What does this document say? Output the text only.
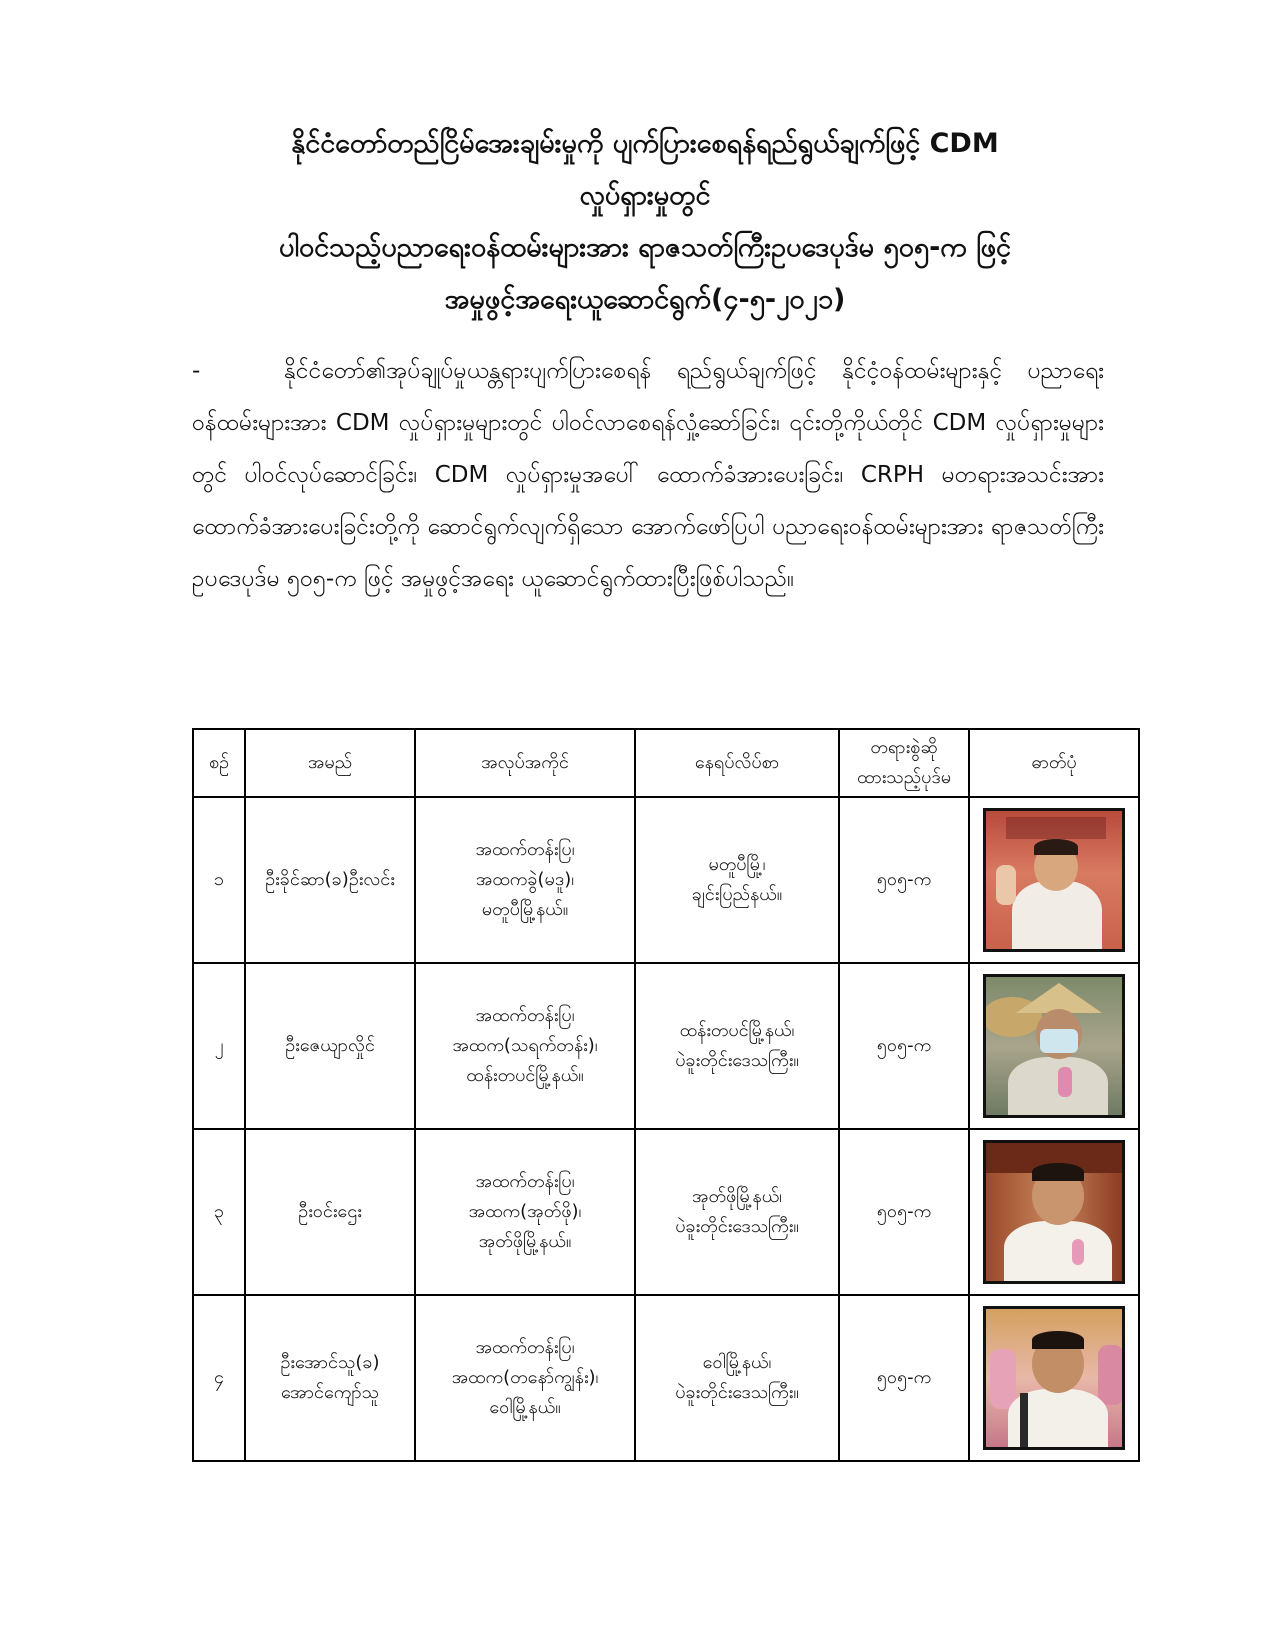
နိုင်ငံတော်တည်ငြိမ်အေးချမ်းမှုကို ပျက်ပြားစေရန်ရည်ရွယ်ချက်ဖြင့် CDM

လှုပ်ရှားမှုတွင်

ပါဝင်သည့်ပညာရေးဝန်ထမ်းများအား ရာဇသတ်ကြီးဥပဒေပုဒ်မ ၅၀၅-က ဖြင့်

အမှုဖွင့်အရေးယူဆောင်ရွက်(၄-၅-၂၀၂၁)

-	နိုင်ငံတော်၏အုပ်ချုပ်မှုယန္တရားပျက်ပြားစေရန် ရည်ရွယ်ချက်ဖြင့် နိုင်ငံ့ဝန်ထမ်းများနှင့် ပညာရေးဝန်ထမ်းများအား CDM လှုပ်ရှားမှုများတွင် ပါဝင်လာစေရန်လှုံ့ဆော်ခြင်း၊ ၎င်းတို့ကိုယ်တိုင် CDM လှုပ်ရှားမှုများတွင် ပါဝင်လုပ်ဆောင်ခြင်း၊ CDM လှုပ်ရှားမှုအပေါ် ထောက်ခံအားပေးခြင်း၊ CRPH မတရားအသင်းအား ထောက်ခံအားပေးခြင်းတို့ကို ဆောင်ရွက်လျက်ရှိသော အောက်ဖော်ပြပါ ပညာရေးဝန်ထမ်းများအား ရာဇသတ်ကြီး ဥပဒေပုဒ်မ ၅၀၅-က ဖြင့် အမှုဖွင့်အရေး ယူဆောင်ရွက်ထားပြီးဖြစ်ပါသည်။

စဉ်	အမည်	အလုပ်အကိုင်	နေရပ်လိပ်စာ	တရားစွဲဆို
ထားသည့်ပုဒ်မ	ဓာတ်ပုံ
၁	ဦးခိုင်ဆာ(ခ)ဦးလင်း	အထက်တန်းပြ၊
အထကခွဲ(မဒူ)၊
မတူပီမြို့နယ်။	မတူပီမြို့၊
ချင်းပြည်နယ်။	၅၀၅-က	

၂	ဦးဇေယျာလှိုင်	အထက်တန်းပြ၊
အထက(သရက်တန်း)၊
ထန်းတပင်မြို့နယ်။	ထန်းတပင်မြို့နယ်၊
ပဲခူးတိုင်းဒေသကြီး။	၅၀၅-က	

၃	ဦးဝင်းဌေး	အထက်တန်းပြ၊
အထက(အုတ်ဖို)၊
အုတ်ဖိုမြို့နယ်။	အုတ်ဖိုမြို့နယ်၊
ပဲခူးတိုင်းဒေသကြီး။	၅၀၅-က	

၄	ဦးအောင်သူ(ခ)
အောင်ကျော်သူ	အထက်တန်းပြ၊
အထက(တနော်ကျွန်း)၊
ဝေါမြို့နယ်။	ဝေါမြို့နယ်၊
ပဲခူးတိုင်းဒေသကြီး။	၅၀၅-က	
